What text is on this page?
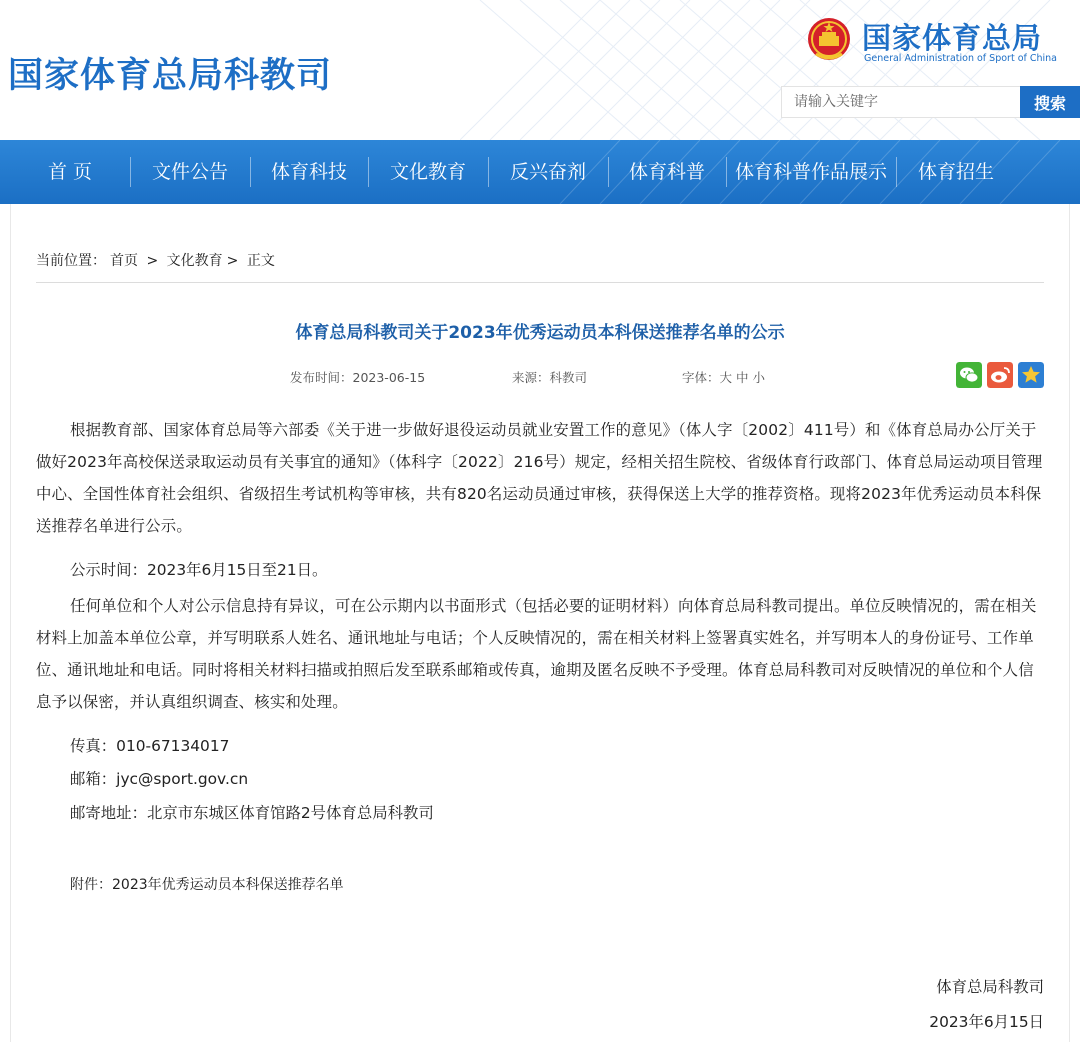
国家体育总局科教司
国家体育总局
General Administration of Sport of China
请输入关键字
搜索
首 页	文件公告	体育科技	文化教育	反兴奋剂	体育科普	体育科普作品展示	体育招生
当前位置： 首页 > 文化教育 > 正文
体育总局科教司关于2023年优秀运动员本科保送推荐名单的公示
发布时间：2023-06-15	来源：科教司	字体：大 中 小
根据教育部、国家体育总局等六部委《关于进一步做好退役运动员就业安置工作的意见》（体人字〔2002〕411号）和《体育总局办公厅关于做好2023年高校保送录取运动员有关事宜的通知》（体科字〔2022〕216号）规定，经相关招生院校、省级体育行政部门、体育总局运动项目管理中心、全国性体育社会组织、省级招生考试机构等审核，共有820名运动员通过审核，获得保送上大学的推荐资格。现将2023年优秀运动员本科保送推荐名单进行公示。
公示时间：2023年6月15日至21日。
任何单位和个人对公示信息持有异议，可在公示期内以书面形式（包括必要的证明材料）向体育总局科教司提出。单位反映情况的，需在相关材料上加盖本单位公章，并写明联系人姓名、通讯地址与电话；个人反映情况的，需在相关材料上签署真实姓名，并写明本人的身份证号、工作单位、通讯地址和电话。同时将相关材料扫描或拍照后发至联系邮箱或传真，逾期及匿名反映不予受理。体育总局科教司对反映情况的单位和个人信息予以保密，并认真组织调查、核实和处理。
传真：010-67134017
邮箱：jyc@sport.gov.cn
邮寄地址：北京市东城区体育馆路2号体育总局科教司
附件：2023年优秀运动员本科保送推荐名单
体育总局科教司
2023年6月15日
